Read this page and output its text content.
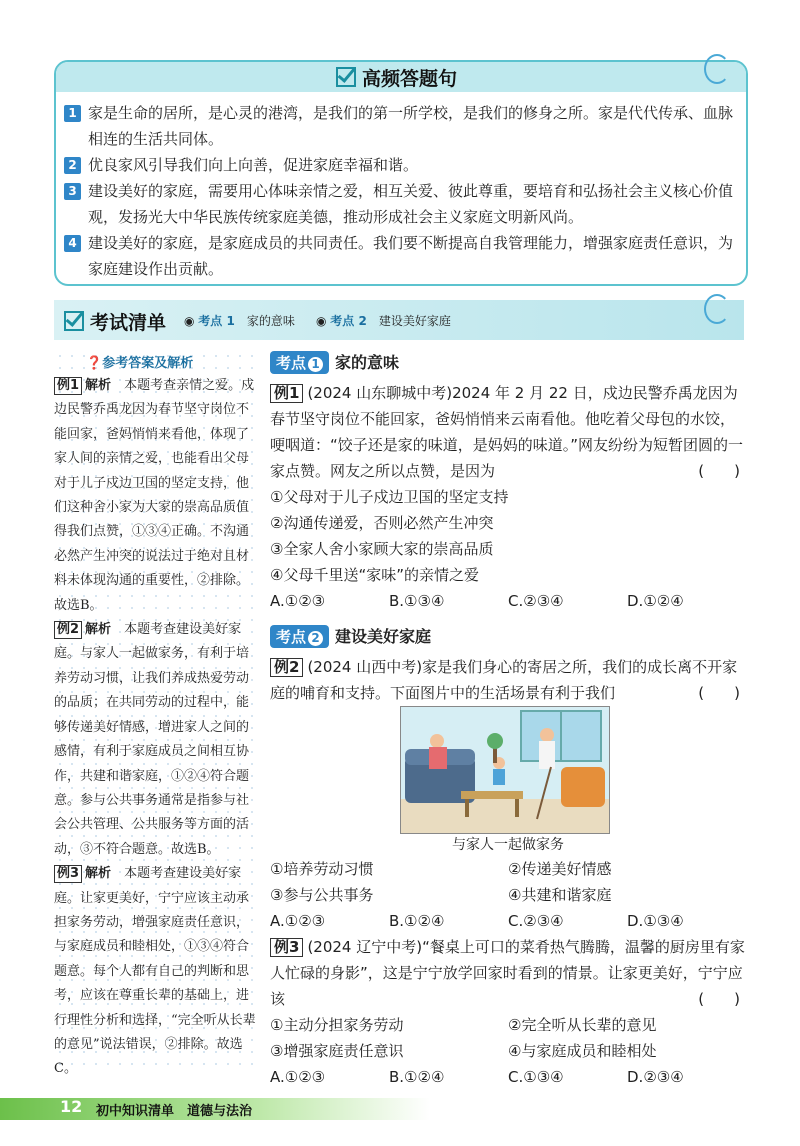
高频答题句

1 家是生命的居所，是心灵的港湾，是我们的第一所学校，是我们的修身之所。家是代代传承、血脉相连的生活共同体。

2 优良家风引导我们向上向善，促进家庭幸福和谐。

3 建设美好的家庭，需要用心体味亲情之爱，相互关爱、彼此尊重，要培育和弘扬社会主义核心价值观，发扬光大中华民族传统家庭美德，推动形成社会主义家庭文明新风尚。

4 建设美好的家庭，是家庭成员的共同责任。我们要不断提高自我管理能力，增强家庭责任意识，为家庭建设作出贡献。

考试清单 ◉ 考点 1　 家的意味 ◉ 考点 2　 建设美好家庭
❓参考答案及解析
例1 解析　 本题考查亲情之爱。戍边民警乔禹龙因为春节坚守岗位不能回家，爸妈悄悄来看他，体现了家人间的亲情之爱，也能看出父母对于儿子戍边卫国的坚定支持，他们这种舍小家为大家的崇高品质值得我们点赞，①③④正确。不沟通必然产生冲突的说法过于绝对且材料未体现沟通的重要性，②排除。故选B。
例2 解析　 本题考查建设美好家庭。与家人一起做家务，有利于培养劳动习惯，让我们养成热爱劳动的品质；在共同劳动的过程中，能够传递美好情感，增进家人之间的感情，有利于家庭成员之间相互协作，共建和谐家庭，①②④符合题意。参与公共事务通常是指参与社会公共管理、公共服务等方面的活动，③不符合题意。故选B。
例3 解析　 本题考查建设美好家庭。让家更美好，宁宁应该主动承担家务劳动，增强家庭责任意识，与家庭成员和睦相处，①③④符合题意。每个人都有自己的判断和思考，应该在尊重长辈的基础上，进行理性分析和选择，“完全听从长辈的意见”说法错误，②排除。故选C。
考点 1 家的意味
例1 (2024 山东聊城中考)2024 年 2 月 22 日，戍边民警乔禹龙因为春节坚守岗位不能回家，爸妈悄悄来云南看他。他吃着父母包的水饺，哽咽道：“饺子还是家的味道，是妈妈的味道。”网友纷纷为短暂团圆的一家点赞。网友之所以点赞，是因为	(　　)
①父母对于儿子戍边卫国的坚定支持
②沟通传递爱，否则必然产生冲突
③全家人舍小家顾大家的崇高品质
④父母千里送“家味”的亲情之爱
A.①②③	B.①③④	C.②③④	D.①②④
考点 2 建设美好家庭
例2 (2024 山西中考)家是我们身心的寄居之所，我们的成长离不开家庭的哺育和支持。下面图片中的生活场景有利于我们	(　　)
与家人一起做家务
①培养劳动习惯	②传递美好情感
③参与公共事务	④共建和谐家庭
A.①②③	B.①②④	C.②③④	D.①③④
例3 (2024 辽宁中考)“餐桌上可口的菜肴热气腾腾，温馨的厨房里有家人忙碌的身影”，这是宁宁放学回家时看到的情景。让家更美好，宁宁应该	(　　)
①主动分担家务劳动	②完全听从长辈的意见
③增强家庭责任意识	④与家庭成员和睦相处
A.①②③	B.①②④	C.①③④	D.②③④
12 初中知识清单　道德与法治
